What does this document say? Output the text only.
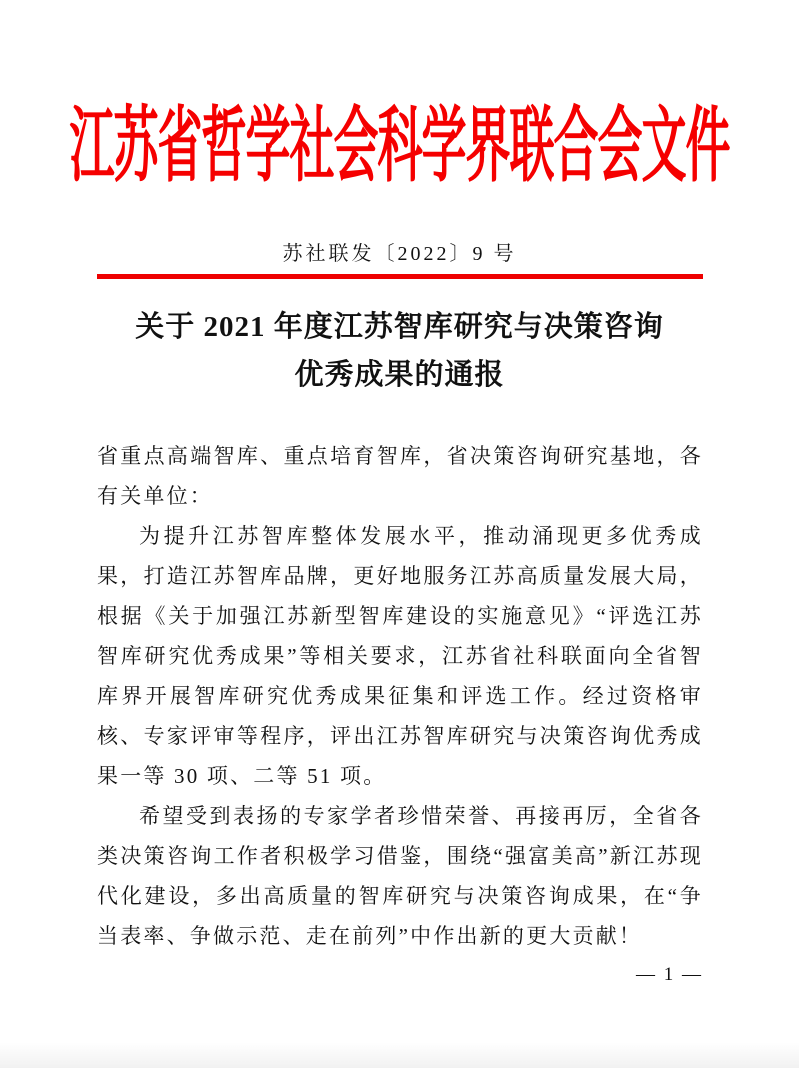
江苏省哲学社会科学界联合会文件
苏社联发〔2022〕9 号
关于 2021 年度江苏智库研究与决策咨询
优秀成果的通报

省重点高端智库、重点培育智库，省决策咨询研究基地，各有关单位：

为提升江苏智库整体发展水平，推动涌现更多优秀成果，打造江苏智库品牌，更好地服务江苏高质量发展大局，根据《关于加强江苏新型智库建设的实施意见》“评选江苏智库研究优秀成果”等相关要求，江苏省社科联面向全省智库界开展智库研究优秀成果征集和评选工作。经过资格审核、专家评审等程序，评出江苏智库研究与决策咨询优秀成果一等 30 项、二等 51 项。

希望受到表扬的专家学者珍惜荣誉、再接再厉，全省各类决策咨询工作者积极学习借鉴，围绕“强富美高”新江苏现代化建设，多出高质量的智库研究与决策咨询成果，在“争当表率、争做示范、走在前列”中作出新的更大贡献！

— 1 —
